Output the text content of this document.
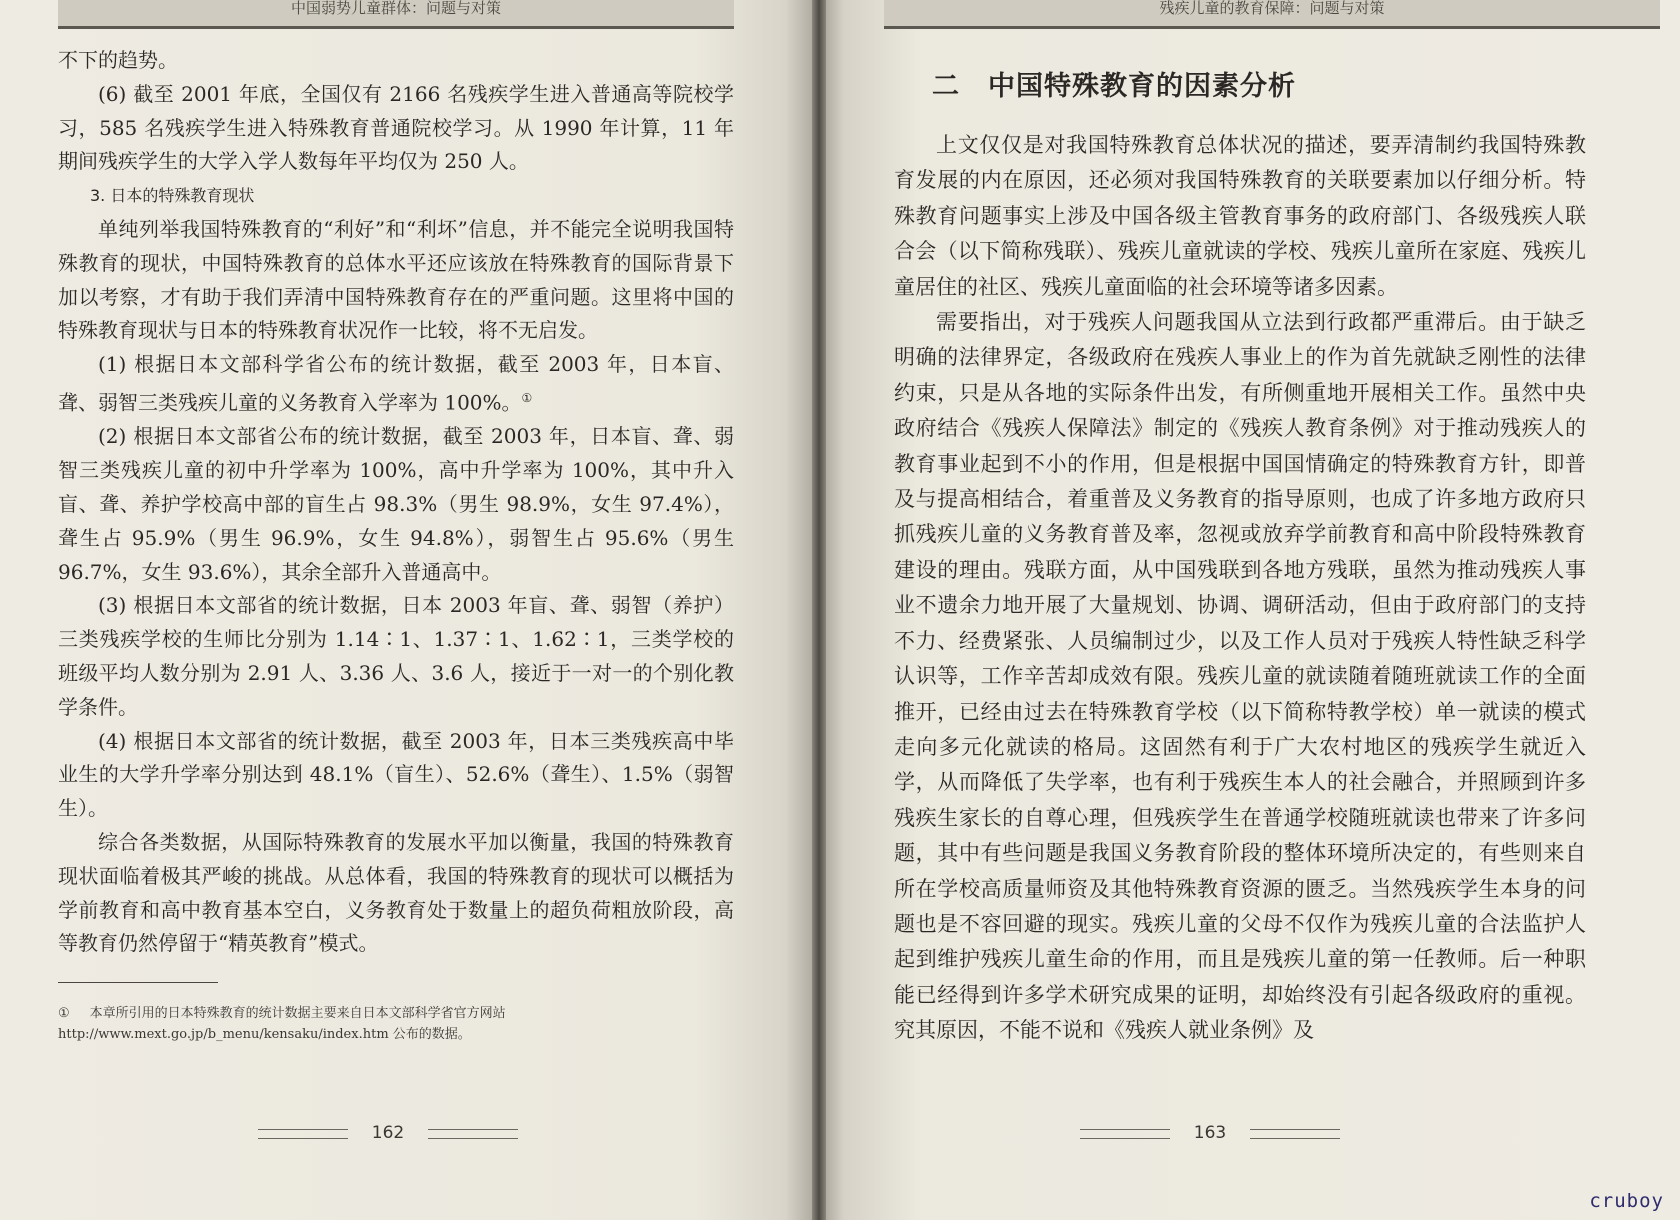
中国弱势儿童群体：问题与对策

不下的趋势。

(6) 截至 2001 年底，全国仅有 2166 名残疾学生进入普通高等院校学习，585 名残疾学生进入特殊教育普通院校学习。从 1990 年计算，11 年期间残疾学生的大学入学人数每年平均仅为 250 人。

3. 日本的特殊教育现状

单纯列举我国特殊教育的“利好”和“利坏”信息，并不能完全说明我国特殊教育的现状，中国特殊教育的总体水平还应该放在特殊教育的国际背景下加以考察，才有助于我们弄清中国特殊教育存在的严重问题。这里将中国的特殊教育现状与日本的特殊教育状况作一比较，将不无启发。

(1) 根据日本文部科学省公布的统计数据，截至 2003 年，日本盲、聋、弱智三类残疾儿童的义务教育入学率为 100%。①

(2) 根据日本文部省公布的统计数据，截至 2003 年，日本盲、聋、弱智三类残疾儿童的初中升学率为 100%，高中升学率为 100%，其中升入盲、聋、养护学校高中部的盲生占 98.3%（男生 98.9%，女生 97.4%），聋生占 95.9%（男生 96.9%，女生 94.8%），弱智生占 95.6%（男生 96.7%，女生 93.6%），其余全部升入普通高中。

(3) 根据日本文部省的统计数据，日本 2003 年盲、聋、弱智（养护）三类残疾学校的生师比分别为 1.14∶1、1.37∶1、1.62∶1，三类学校的班级平均人数分别为 2.91 人、3.36 人、3.6 人，接近于一对一的个别化教学条件。

(4) 根据日本文部省的统计数据，截至 2003 年，日本三类残疾高中毕业生的大学升学率分别达到 48.1%（盲生）、52.6%（聋生）、1.5%（弱智生）。

综合各类数据，从国际特殊教育的发展水平加以衡量，我国的特殊教育现状面临着极其严峻的挑战。从总体看，我国的特殊教育的现状可以概括为学前教育和高中教育基本空白，义务教育处于数量上的超负荷粗放阶段，高等教育仍然停留于“精英教育”模式。

① 本章所引用的日本特殊教育的统计数据主要来自日本文部科学省官方网站 http://www.mext.go.jp/b_menu/kensaku/index.htm 公布的数据。
162
残疾儿童的教育保障：问题与对策
二 中国特殊教育的因素分析

上文仅仅是对我国特殊教育总体状况的描述，要弄清制约我国特殊教育发展的内在原因，还必须对我国特殊教育的关联要素加以仔细分析。特殊教育问题事实上涉及中国各级主管教育事务的政府部门、各级残疾人联合会（以下简称残联）、残疾儿童就读的学校、残疾儿童所在家庭、残疾儿童居住的社区、残疾儿童面临的社会环境等诸多因素。

需要指出，对于残疾人问题我国从立法到行政都严重滞后。由于缺乏明确的法律界定，各级政府在残疾人事业上的作为首先就缺乏刚性的法律约束，只是从各地的实际条件出发，有所侧重地开展相关工作。虽然中央政府结合《残疾人保障法》制定的《残疾人教育条例》对于推动残疾人的教育事业起到不小的作用，但是根据中国国情确定的特殊教育方针，即普及与提高相结合，着重普及义务教育的指导原则，也成了许多地方政府只抓残疾儿童的义务教育普及率，忽视或放弃学前教育和高中阶段特殊教育建设的理由。残联方面，从中国残联到各地方残联，虽然为推动残疾人事业不遗余力地开展了大量规划、协调、调研活动，但由于政府部门的支持不力、经费紧张、人员编制过少，以及工作人员对于残疾人特性缺乏科学认识等，工作辛苦却成效有限。残疾儿童的就读随着随班就读工作的全面推开，已经由过去在特殊教育学校（以下简称特教学校）单一就读的模式走向多元化就读的格局。这固然有利于广大农村地区的残疾学生就近入学，从而降低了失学率，也有利于残疾生本人的社会融合，并照顾到许多残疾生家长的自尊心理，但残疾学生在普通学校随班就读也带来了许多问题，其中有些问题是我国义务教育阶段的整体环境所决定的，有些则来自所在学校高质量师资及其他特殊教育资源的匮乏。当然残疾学生本身的问题也是不容回避的现实。残疾儿童的父母不仅作为残疾儿童的合法监护人起到维护残疾儿童生命的作用，而且是残疾儿童的第一任教师。后一种职能已经得到许多学术研究成果的证明，却始终没有引起各级政府的重视。究其原因，不能不说和《残疾人就业条例》及

163
cruboy
